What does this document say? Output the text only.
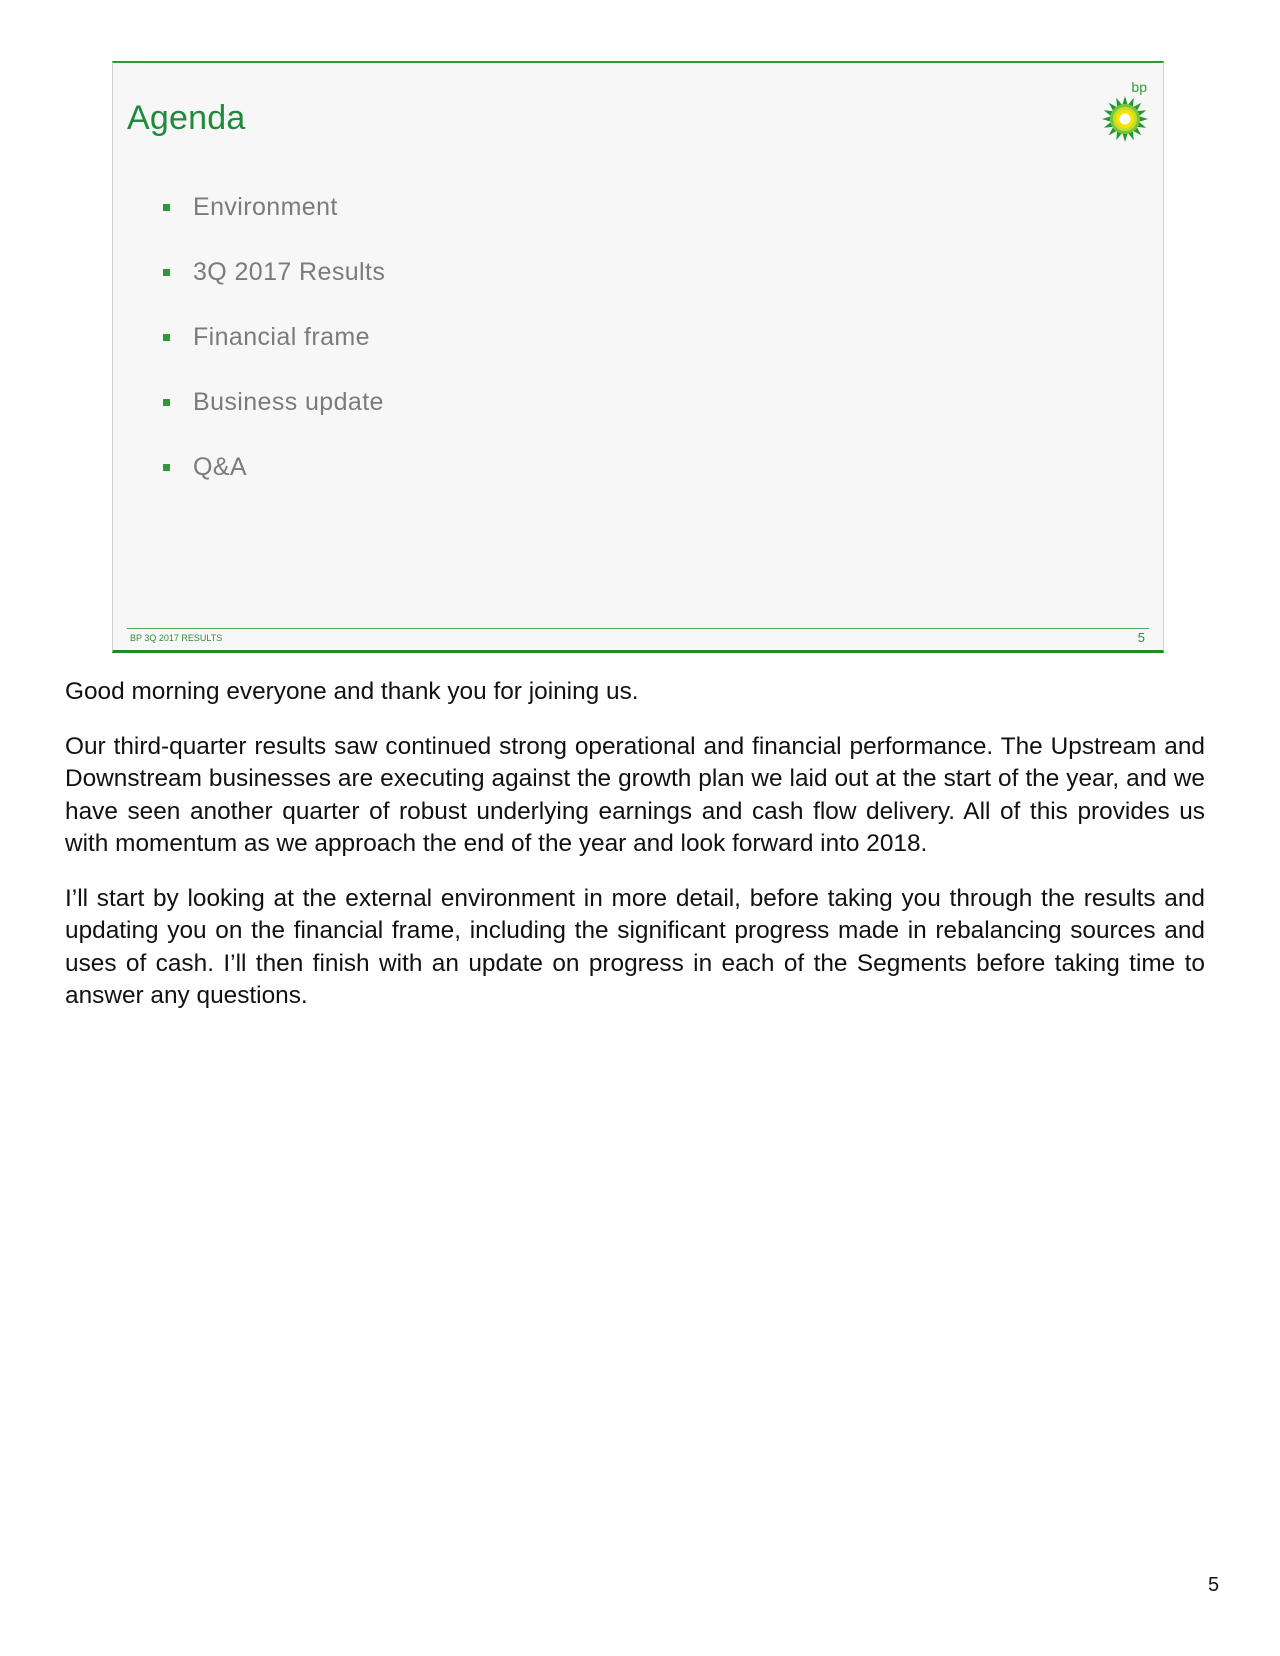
Agenda
bp
Environment
3Q 2017 Results
Financial frame
Business update
Q&A
BP 3Q 2017 RESULTS	5

Good morning everyone and thank you for joining us.

Our third-quarter results saw continued strong operational and financial performance. The Upstream and Downstream businesses are executing against the growth plan we laid out at the start of the year, and we have seen another quarter of robust underlying earnings and cash flow delivery. All of this provides us with momentum as we approach the end of the year and look forward into 2018.

I’ll start by looking at the external environment in more detail, before taking you through the results and updating you on the financial frame, including the significant progress made in rebalancing sources and uses of cash. I’ll then finish with an update on progress in each of the Segments before taking time to answer any questions.

5
